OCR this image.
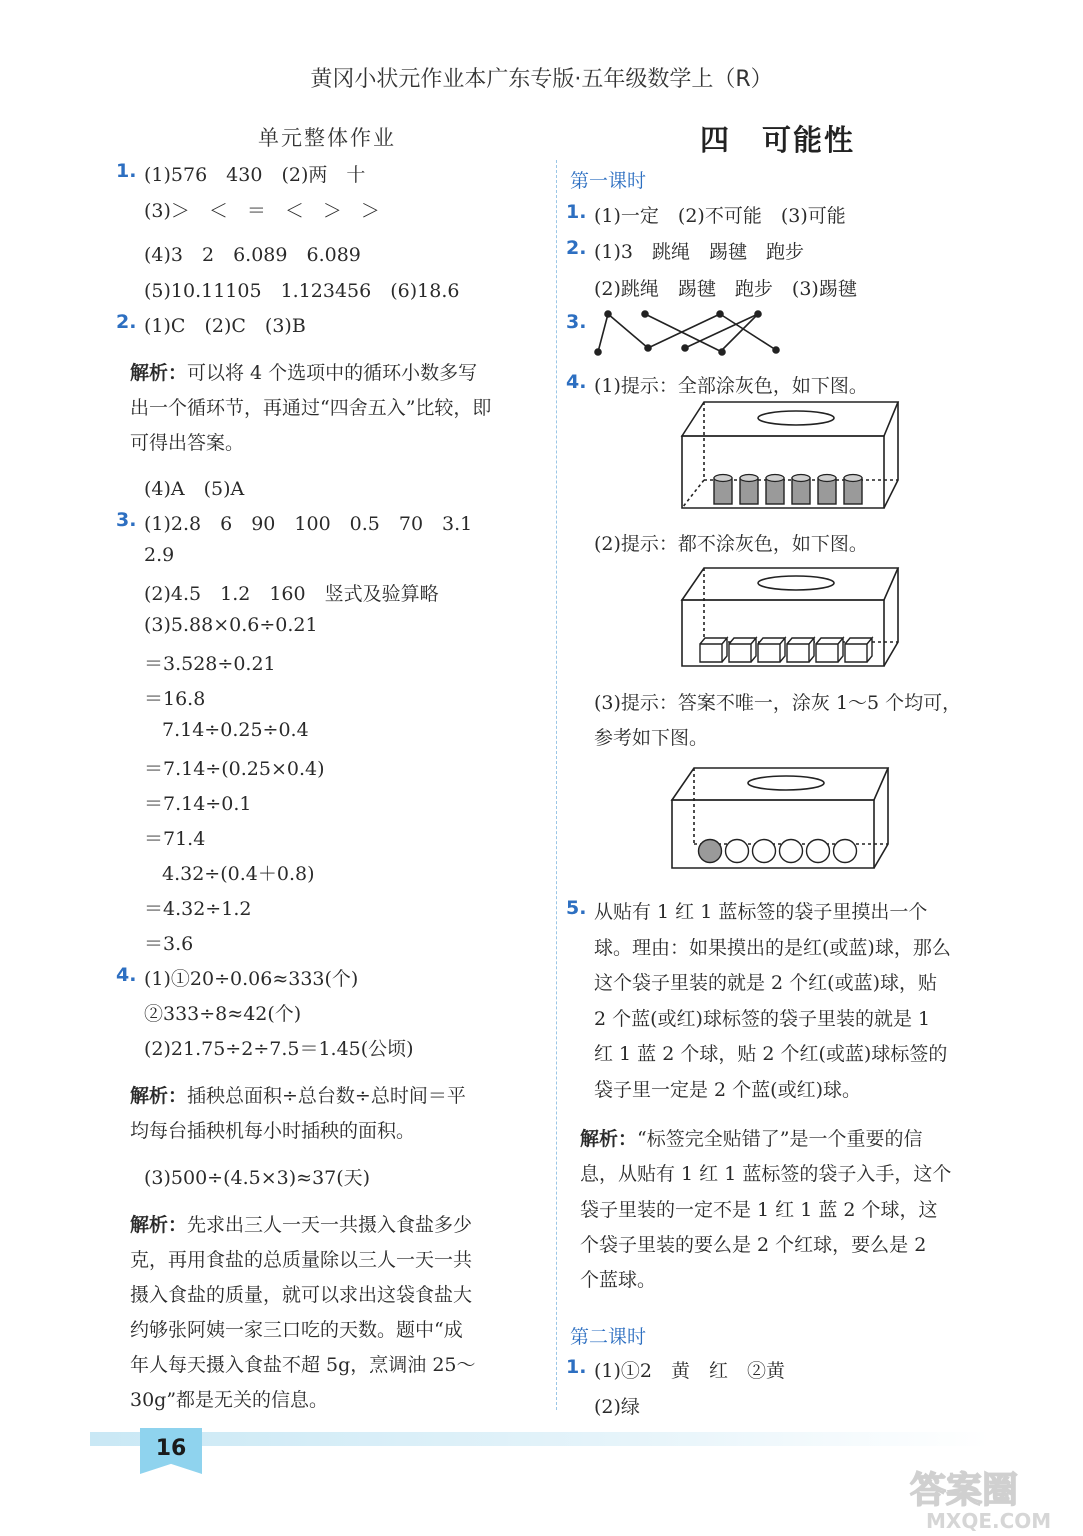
黄冈小状元作业本广东专版·五年级数学上（R）
单元整体作业	四　可能性
1. (1)576　430　(2)两　十
(3)＞　＜　＝　＜　＞　＞
(4)3　2　6.089　6.089
(5)10.11105　1.123456　(6)18.6
2. (1)C　(2)C　(3)B
解析：可以将 4 个选项中的循环小数多写
出一个循环节，再通过“四舍五入”比较，即
可得出答案。
(4)A　(5)A
3. (1)2.8　6　90　100　0.5　70　3.1
2.9
(2)4.5　1.2　160　竖式及验算略
(3)5.88×0.6÷0.21
＝3.528÷0.21
＝16.8
7.14÷0.25÷0.4
＝7.14÷(0.25×0.4)
＝7.14÷0.1
＝71.4
4.32÷(0.4＋0.8)
＝4.32÷1.2
＝3.6
4. (1)①20÷0.06≈333(个)
②333÷8≈42(个)
(2)21.75÷2÷7.5＝1.45(公顷)
解析：插秧总面积÷总台数÷总时间＝平
均每台插秧机每小时插秧的面积。
(3)500÷(4.5×3)≈37(天)
解析：先求出三人一天一共摄入食盐多少
克，再用食盐的总质量除以三人一天一共
摄入食盐的质量，就可以求出这袋食盐大
约够张阿姨一家三口吃的天数。题中“成
年人每天摄入食盐不超 5g，烹调油 25～
30g”都是无关的信息。
第一课时
第二课时
1. (1)一定　(2)不可能　(3)可能
2. (1)3　跳绳　踢毽　跑步
(2)跳绳　踢毽　跑步　(3)踢毽
3.
4. (1)提示：全部涂灰色，如下图。
(2)提示：都不涂灰色，如下图。
(3)提示：答案不唯一，涂灰 1～5 个均可，
参考如下图。
5. 从贴有 1 红 1 蓝标签的袋子里摸出一个
球。理由：如果摸出的是红(或蓝)球，那么
这个袋子里装的就是 2 个红(或蓝)球，贴
2 个蓝(或红)球标签的袋子里装的就是 1
红 1 蓝 2 个球，贴 2 个红(或蓝)球标签的
袋子里一定是 2 个蓝(或红)球。
解析：“标签完全贴错了”是一个重要的信
息，从贴有 1 红 1 蓝标签的袋子入手，这个
袋子里装的一定不是 1 红 1 蓝 2 个球，这
个袋子里装的要么是 2 个红球，要么是 2
个蓝球。
1. (1)①2　黄　红　②黄
(2)绿
16
答案圈
MXQE.COM
